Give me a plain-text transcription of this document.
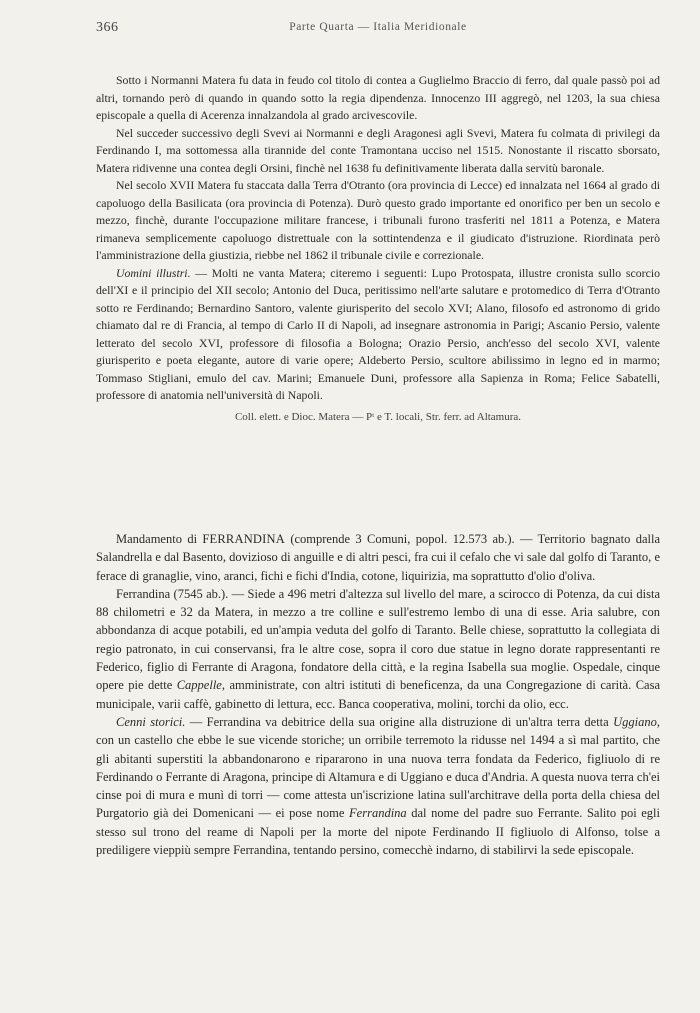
366	Parte Quarta — Italia Meridionale

Sotto i Normanni Matera fu data in feudo col titolo di contea a Guglielmo Braccio di ferro, dal quale passò poi ad altri, tornando però di quando in quando sotto la regia dipendenza. Innocenzo III aggregò, nel 1203, la sua chiesa episcopale a quella di Acerenza innalzandola al grado arcivescovile.

Nel succeder successivo degli Svevi ai Normanni e degli Aragonesi agli Svevi, Matera fu colmata di privilegi da Ferdinando I, ma sottomessa alla tirannide del conte Tramontana ucciso nel 1515. Nonostante il riscatto sborsato, Matera ridivenne una contea degli Orsini, finchè nel 1638 fu definitivamente liberata dalla servitù baronale.

Nel secolo XVII Matera fu staccata dalla Terra d'Otranto (ora provincia di Lecce) ed innalzata nel 1664 al grado di capoluogo della Basilicata (ora provincia di Potenza). Durò questo grado importante ed onorifico per ben un secolo e mezzo, finchè, durante l'occupazione militare francese, i tribunali furono trasferiti nel 1811 a Potenza, e Matera rimaneva semplicemente capoluogo distrettuale con la sottintendenza e il giudicato d'istruzione. Riordinata però l'amministrazione della giustizia, riebbe nel 1862 il tribunale civile e correzionale.

Uomini illustri. — Molti ne vanta Matera; citeremo i seguenti: Lupo Protospata, illustre cronista sullo scorcio dell'XI e il principio del XII secolo; Antonio del Duca, peritissimo nell'arte salutare e protomedico di Terra d'Otranto sotto re Ferdinando; Bernardino Santoro, valente giurisperito del secolo XVI; Alano, filosofo ed astronomo di grido chiamato dal re di Francia, al tempo di Carlo II di Napoli, ad insegnare astronomia in Parigi; Ascanio Persio, valente letterato del secolo XVI, professore di filosofia a Bologna; Orazio Persio, anch'esso del secolo XVI, valente giurisperito e poeta elegante, autore di varie opere; Aldeberto Persio, scultore abilissimo in legno ed in marmo; Tommaso Stigliani, emulo del cav. Marini; Emanuele Duni, professore alla Sapienza in Roma; Felice Sabatelli, professore di anatomia nell'università di Napoli.

Coll. elett. e Dioc. Matera — Pᵗ e T. locali, Str. ferr. ad Altamura.

Mandamento di FERRANDINA (comprende 3 Comuni, popol. 12.573 ab.). — Territorio bagnato dalla Salandrella e dal Basento, dovizioso di anguille e di altri pesci, fra cui il cefalo che vi sale dal golfo di Taranto, e ferace di granaglie, vino, aranci, fichi e fichi d'India, cotone, liquirizia, ma soprattutto d'olio d'oliva.

Ferrandina (7545 ab.). — Siede a 496 metri d'altezza sul livello del mare, a scirocco di Potenza, da cui dista 88 chilometri e 32 da Matera, in mezzo a tre colline e sull'estremo lembo di una di esse. Aria salubre, con abbondanza di acque potabili, ed un'ampia veduta del golfo di Taranto. Belle chiese, soprattutto la collegiata di regio patronato, in cui conservansi, fra le altre cose, sopra il coro due statue in legno dorate rappresentanti re Federico, figlio di Ferrante di Aragona, fondatore della città, e la regina Isabella sua moglie. Ospedale, cinque opere pie dette Cappelle, amministrate, con altri istituti di beneficenza, da una Congregazione di carità. Casa municipale, varii caffè, gabinetto di lettura, ecc. Banca cooperativa, molini, torchi da olio, ecc.

Cenni storici. — Ferrandina va debitrice della sua origine alla distruzione di un'altra terra detta Uggiano, con un castello che ebbe le sue vicende storiche; un orribile terremoto la ridusse nel 1494 a sì mal partito, che gli abitanti superstiti la abbandonarono e ripararono in una nuova terra fondata da Federico, figliuolo di re Ferdinando o Ferrante di Aragona, principe di Altamura e di Uggiano e duca d'Andria. A questa nuova terra ch'ei cinse poi di mura e munì di torri — come attesta un'iscrizione latina sull'architrave della porta della chiesa del Purgatorio già dei Domenicani — ei pose nome Ferrandina dal nome del padre suo Ferrante. Salito poi egli stesso sul trono del reame di Napoli per la morte del nipote Ferdinando II figliuolo di Alfonso, tolse a prediligere vieppiù sempre Ferrandina, tentando persino, comecchè indarno, di stabilirvi la sede episcopale.
